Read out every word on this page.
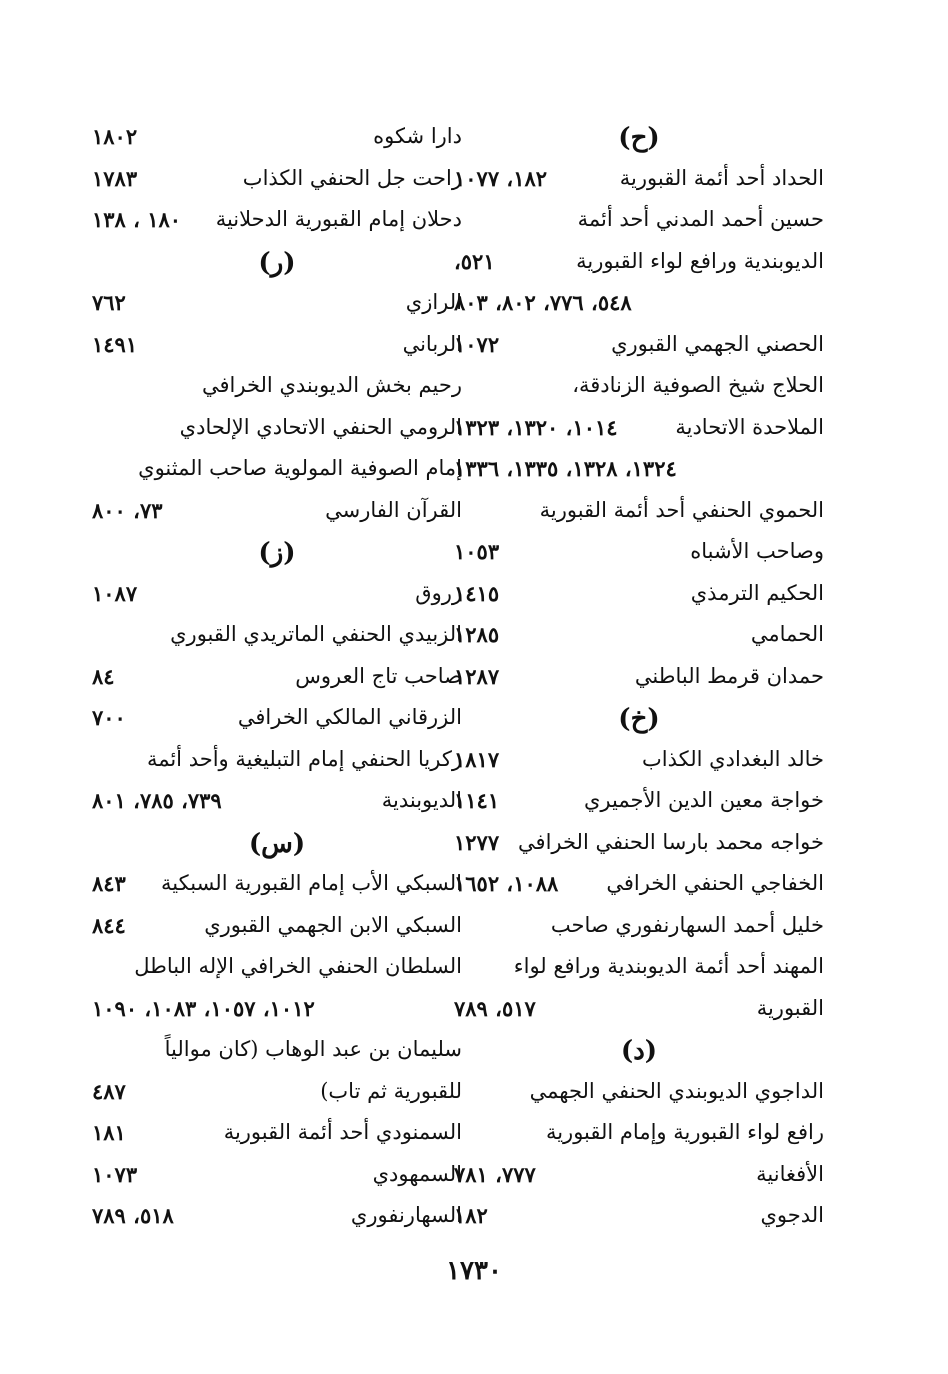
(ح)
الحداد أحد أئمة القبورية
١٨٢، ١٠٧٧
حسين أحمد المدني أحد أئمة
الديوبندية ورافع لواء القبورية
٥٢١،
٥٤٨، ٧٧٦، ٨٠٢، ٨٠٣
الحصني الجهمي القبوري
١٠٧٢
الحلاج شيخ الصوفية الزنادقة،
الملاحدة الاتحادية
١٠١٤، ١٣٢٠، ١٣٢٣
١٣٢٤، ١٣٢٨، ١٣٣٥، ١٣٣٦
الحموي الحنفي أحد أئمة القبورية
وصاحب الأشباه
١٠٥٣
الحكيم الترمذي
١٤١٥
الحمامي
١٢٨٥
حمدان قرمط الباطني
١٢٨٧
(خ)
خالد البغدادي الكذاب
١٨١٧
خواجة معين الدين الأجميري
١١٤١
خواجه محمد بارسا الحنفي الخرافي
١٢٧٧
الخفاجي الحنفي الخرافي
١٠٨٨، ١٦٥٢
خليل أحمد السهارنفوري صاحب
المهند أحد أئمة الديوبندية ورافع لواء
القبورية
٥١٧، ٧٨٩
(د)
الداجوي الديوبندي الحنفي الجهمي
رافع لواء القبورية وإمام القبورية
الأفغانية
٧٧٧، ٧٨١
الدجوي
١٨٢
دارا شكوه
١٨٠٢
راحت جل الحنفي الكذاب
١٧٨٣
دحلان إمام القبورية الدحلانية
١٨٠ ، ١٣٨
(ر)
الرازي
٧٦٢
الرباني
١٤٩١
رحيم بخش الديوبندي الخرافي
الرومي الحنفي الاتحادي الإلحادي
إمام الصوفية المولوية صاحب المثنوي
القرآن الفارسي
٧٣، ٨٠٠
(ز)
زروق
١٠٨٧
الزبيدي الحنفي الماتريدي القبوري
صاحب تاج العروس
٨٤
الزرقاني المالكي الخرافي
٧٠٠
زكريا الحنفي إمام التبليغية وأحد أئمة
الديوبندية
٧٣٩، ٧٨٥، ٨٠١
(س)
السبكي الأب إمام القبورية السبكية
٨٤٣
السبكي الابن الجهمي القبوري
٨٤٤
السلطان الحنفي الخرافي الإله الباطل
١٠١٢، ١٠٥٧، ١٠٨٣، ١٠٩٠
سليمان بن عبد الوهاب (كان موالياً
للقبورية ثم تاب)
٤٨٧
السمنودي أحد أئمة القبورية
١٨١
السمهودي
١٠٧٣
السهارنفوري
٥١٨، ٧٨٩
١٧٣٠
